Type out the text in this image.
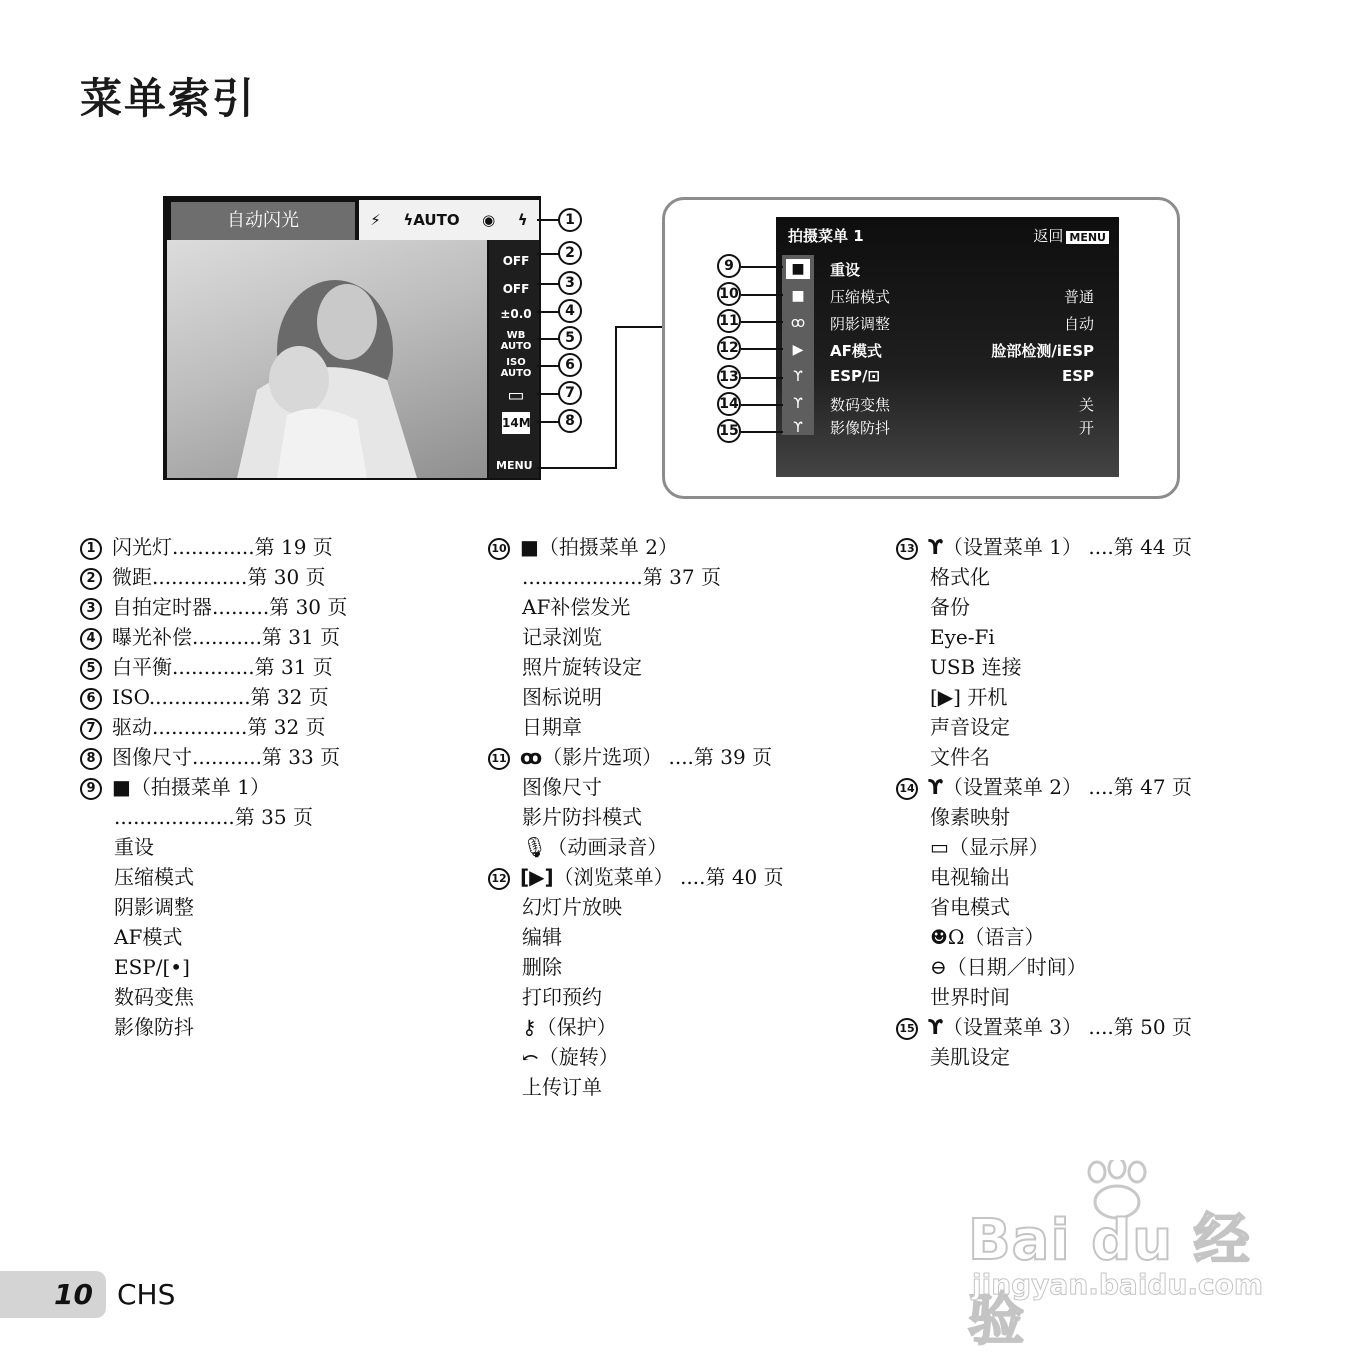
菜单索引
自动闪光	⚡ ϟAUTO ◉ ϟ
OFF
OFF
±0.0
WB AUTO
ISO AUTO
▭
14M
MENU
1
2
3
4
5
6
7
8
拍摄菜单 1	返回 MENU
■
■
ꝏ
▶
ϒ
ϒ
ϒ
重设
压缩模式	普通
阴影调整	自动
AF模式	脸部检测/iESP
ESP/⊡	ESP
数码变焦	关
影像防抖	开
9
10
11
12
13
14
15
1 闪光灯.............第 19 页
2 微距...............第 30 页
3 自拍定时器.........第 30 页
4 曝光补偿...........第 31 页
5 白平衡.............第 31 页
6 ISO................第 32 页
7 驱动...............第 32 页
8 图像尺寸...........第 33 页
9 ■（拍摄菜单 1）
...................第 35 页
重设
压缩模式
阴影调整
AF模式
ESP/[•]
数码变焦
影像防抖
10 ■（拍摄菜单 2）
...................第 37 页
AF补偿发光
记录浏览
照片旋转设定
图标说明
日期章
11 ꝏ（影片选项） ....第 39 页
图像尺寸
影片防抖模式
🎙（动画录音）
12 [▶]（浏览菜单） ....第 40 页
幻灯片放映
编辑
删除
打印预约
⚷（保护）
⤺（旋转）
上传订单
13 ϒ（设置菜单 1） ....第 44 页
格式化
备份
Eye-Fi
USB 连接
[▶] 开机
声音设定
文件名
14 ϒ（设置菜单 2） ....第 47 页
像素映射
▭（显示屏）
电视输出
省电模式
☻Ω（语言）
⊖（日期／时间）
世界时间
15 ϒ（设置菜单 3） ....第 50 页
美肌设定
10 CHS
Bai du 经验
jingyan.baidu.com
